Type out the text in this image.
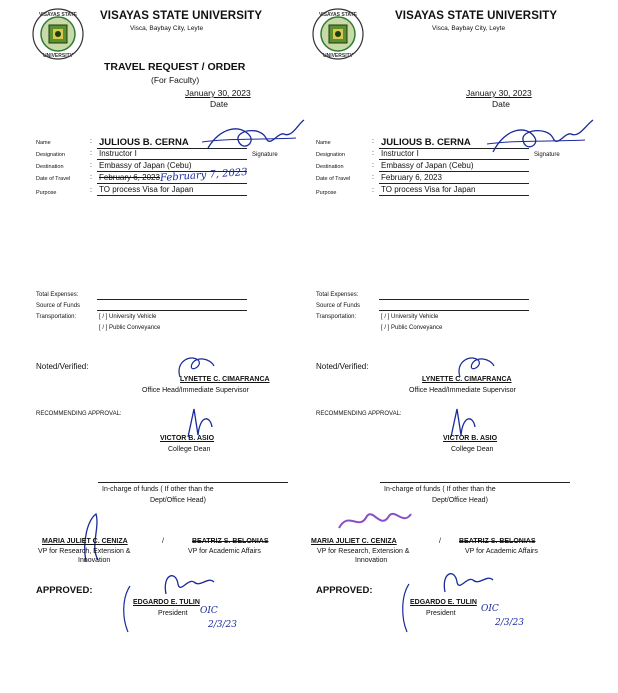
VISAYAS STATE
UNIVERSITY
VISAYAS STATE UNIVERSITY
Visca, Baybay City, Leyte
TRAVEL REQUEST / ORDER
(For Faculty)
January 30, 2023
Date
Name	: JULIOUS B. CERNA
Designation	: Instructor I	Signature
Destination	: Embassy of Japan (Cebu)
Date of Travel	: February 6, 2023 February 7, 2023
Purpose	: TO process Visa for Japan
Total Expenses:
Source of Funds
Transportation:	[ / ] University Vehicle
[ / ] Public Conveyance
Noted/Verified:
LYNETTE C. CIMAFRANCA
Office Head/Immediate Supervisor
RECOMMENDING APPROVAL:
VICTOR B. ASIO
College Dean
In-charge of funds ( If other than the
Dept/Office Head)
MARIA JULIET C. CENIZA
VP for Research, Extension &
Innovation
/	BEATRIZ S. BELONIAS
VP for Academic Affairs
APPROVED:
EDGARDO E. TULIN
President OIC
2/3/23
VISAYAS STATE
UNIVERSITY
VISAYAS STATE UNIVERSITY
Visca, Baybay City, Leyte
January 30, 2023
Date
Name	: JULIOUS B. CERNA
Designation	: Instructor I	Signature
Destination	: Embassy of Japan (Cebu)
Date of Travel	: February 6, 2023
Purpose	: TO process Visa for Japan
Total Expenses:
Source of Funds
Transportation:	[ / ] University Vehicle
[ / ] Public Conveyance
Noted/Verified:
LYNETTE C. CIMAFRANCA
Office Head/Immediate Supervisor
RECOMMENDING APPROVAL:
VICTOR B. ASIO
College Dean
In-charge of funds ( If other than the
Dept/Office Head)
MARIA JULIET C. CENIZA
VP for Research, Extension &
Innovation
/	BEATRIZ S. BELONIAS
VP for Academic Affairs
APPROVED:
EDGARDO E. TULIN
President	OIC
2/3/23
